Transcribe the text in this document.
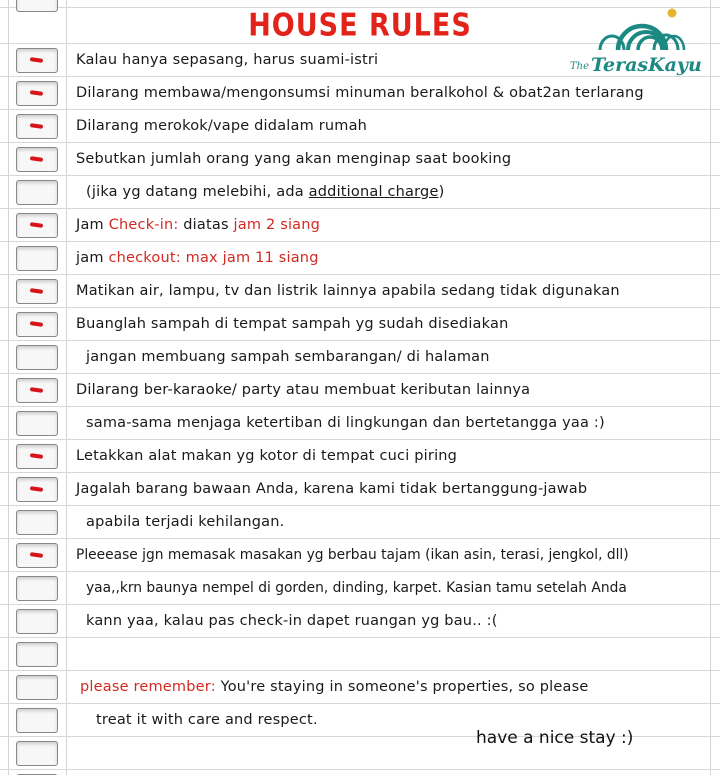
HOUSE RULES
The TerasKayu
Kalau hanya sepasang, harus suami-istri
Dilarang membawa/mengonsumsi minuman beralkohol & obat2an terlarang
Dilarang merokok/vape didalam rumah
Sebutkan jumlah orang yang akan menginap saat booking
(jika yg datang melebihi, ada additional charge)
Jam Check-in: diatas jam 2 siang
jam checkout: max jam 11 siang
Matikan air, lampu, tv dan listrik lainnya apabila sedang tidak digunakan
Buanglah sampah di tempat sampah yg sudah disediakan
jangan membuang sampah sembarangan/ di halaman
Dilarang ber-karaoke/ party atau membuat keributan lainnya
sama-sama menjaga ketertiban di lingkungan dan bertetangga yaa :)
Letakkan alat makan yg kotor di tempat cuci piring
Jagalah barang bawaan Anda, karena kami tidak bertanggung-jawab
apabila terjadi kehilangan.
Pleeease jgn memasak masakan yg berbau tajam (ikan asin, terasi, jengkol, dll)
yaa,,krn baunya nempel di gorden, dinding, karpet. Kasian tamu setelah Anda
kann yaa, kalau pas check-in dapet ruangan yg bau.. :(
please remember: You're staying in someone's properties, so please
treat it with care and respect.
have a nice stay :)
